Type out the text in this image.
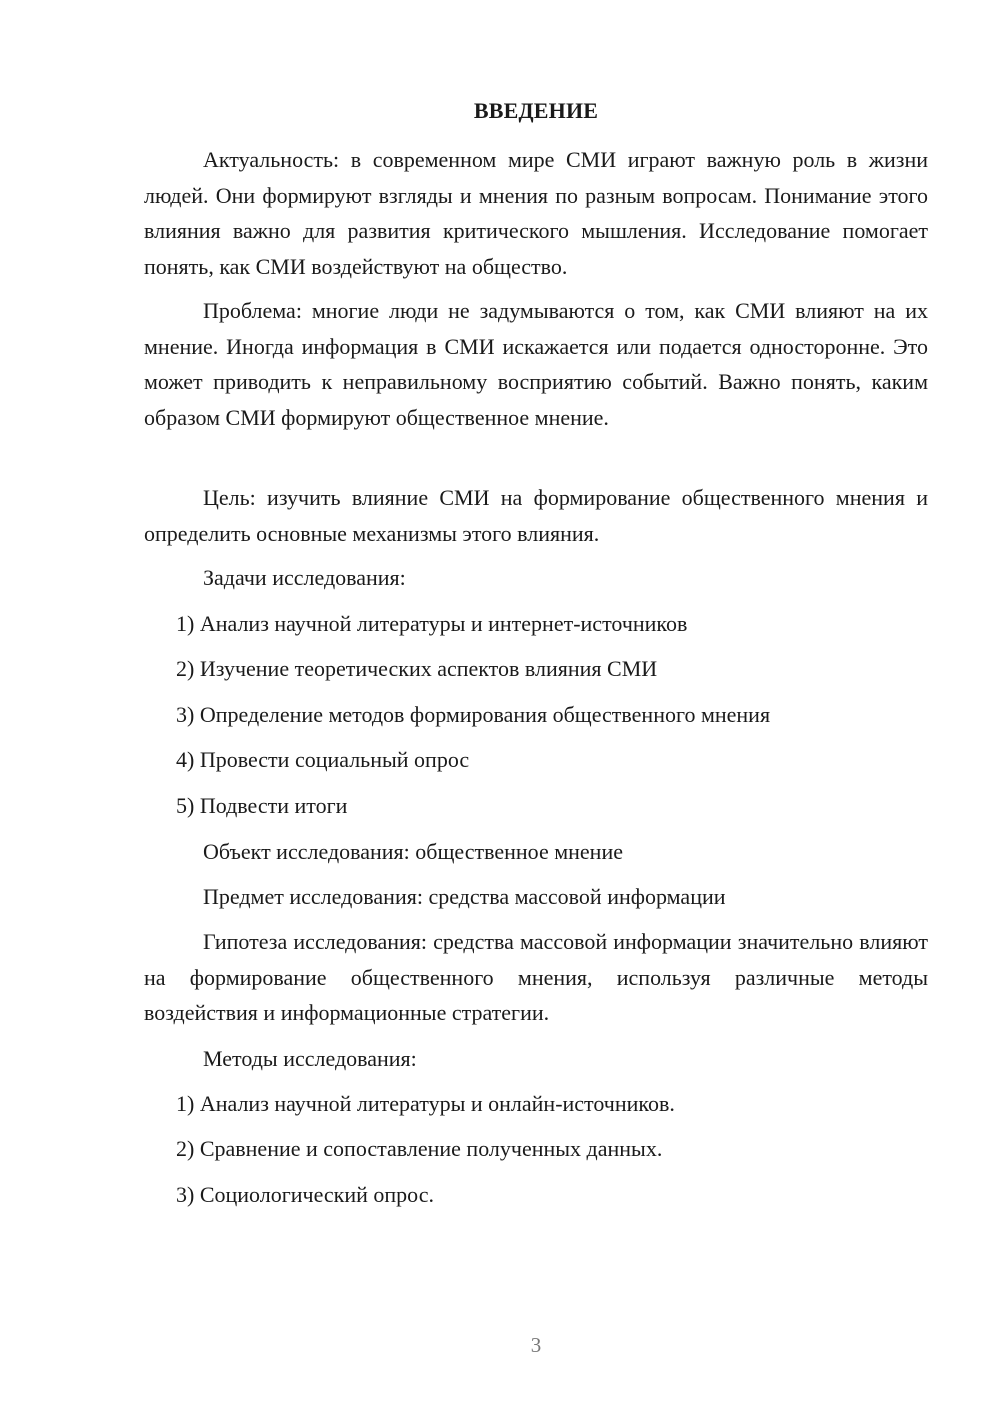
ВВЕДЕНИЕ

Актуальность: в современном мире СМИ играют важную роль в жизни людей. Они формируют взгляды и мнения по разным вопросам. Понимание этого влияния важно для развития критического мышления. Исследование помогает понять, как СМИ воздействуют на общество.

Проблема: многие люди не задумываются о том, как СМИ влияют на их мнение. Иногда информация в СМИ искажается или подается односторонне. Это может приводить к неправильному восприятию событий. Важно понять, каким образом СМИ формируют общественное мнение.

Цель: изучить влияние СМИ на формирование общественного мнения и определить основные механизмы этого влияния.

Задачи исследования:
1) Анализ научной литературы и интернет-источников
2) Изучение теоретических аспектов влияния СМИ
3) Определение методов формирования общественного мнения
4) Провести социальный опрос
5) Подвести итоги
Объект исследования: общественное мнение
Предмет исследования: средства массовой информации

Гипотеза исследования: средства массовой информации значительно влияют на формирование общественного мнения, используя различные методы воздействия и информационные стратегии.

Методы исследования:
1) Анализ научной литературы и онлайн-источников.
2) Сравнение и сопоставление полученных данных.
3) Социологический опрос.
3
